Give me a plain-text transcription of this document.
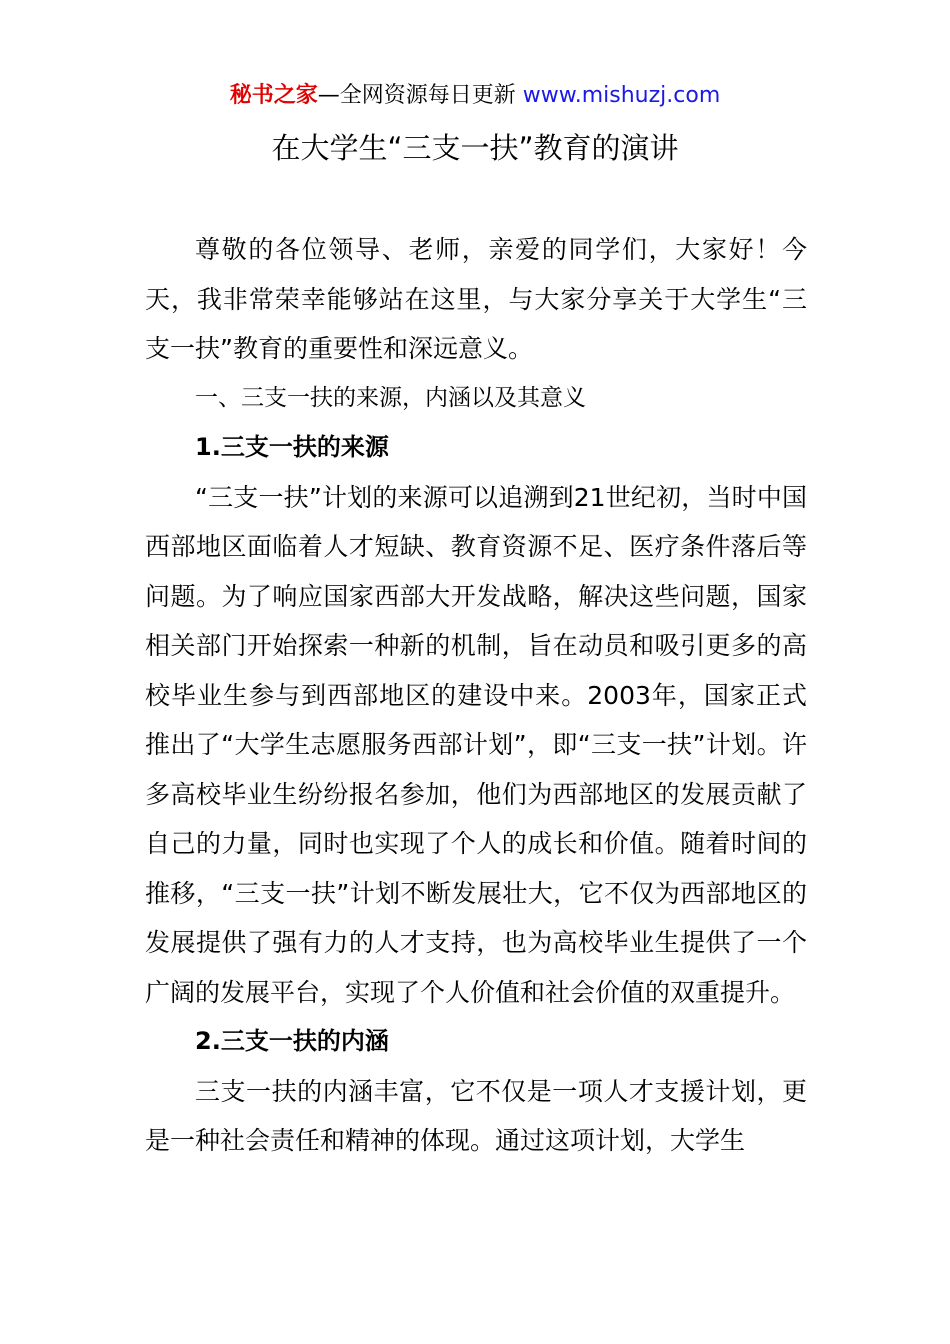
秘书之家—全网资源每日更新 www.mishuzj.com
在大学生“三支一扶”教育的演讲

尊敬的各位领导、老师，亲爱的同学们，大家好！今天，我非常荣幸能够站在这里，与大家分享关于大学生“三支一扶”教育的重要性和深远意义。

一、三支一扶的来源，内涵以及其意义

1.三支一扶的来源

“三支一扶”计划的来源可以追溯到21世纪初，当时中国西部地区面临着人才短缺、教育资源不足、医疗条件落后等问题。为了响应国家西部大开发战略，解决这些问题，国家相关部门开始探索一种新的机制，旨在动员和吸引更多的高校毕业生参与到西部地区的建设中来。2003年，国家正式推出了“大学生志愿服务西部计划”，即“三支一扶”计划。许多高校毕业生纷纷报名参加，他们为西部地区的发展贡献了自己的力量，同时也实现了个人的成长和价值。随着时间的推移，“三支一扶”计划不断发展壮大，它不仅为西部地区的发展提供了强有力的人才支持，也为高校毕业生提供了一个广阔的发展平台，实现了个人价值和社会价值的双重提升。

2.三支一扶的内涵

三支一扶的内涵丰富，它不仅是一项人才支援计划，更是一种社会责任和精神的体现。通过这项计划，大学生
